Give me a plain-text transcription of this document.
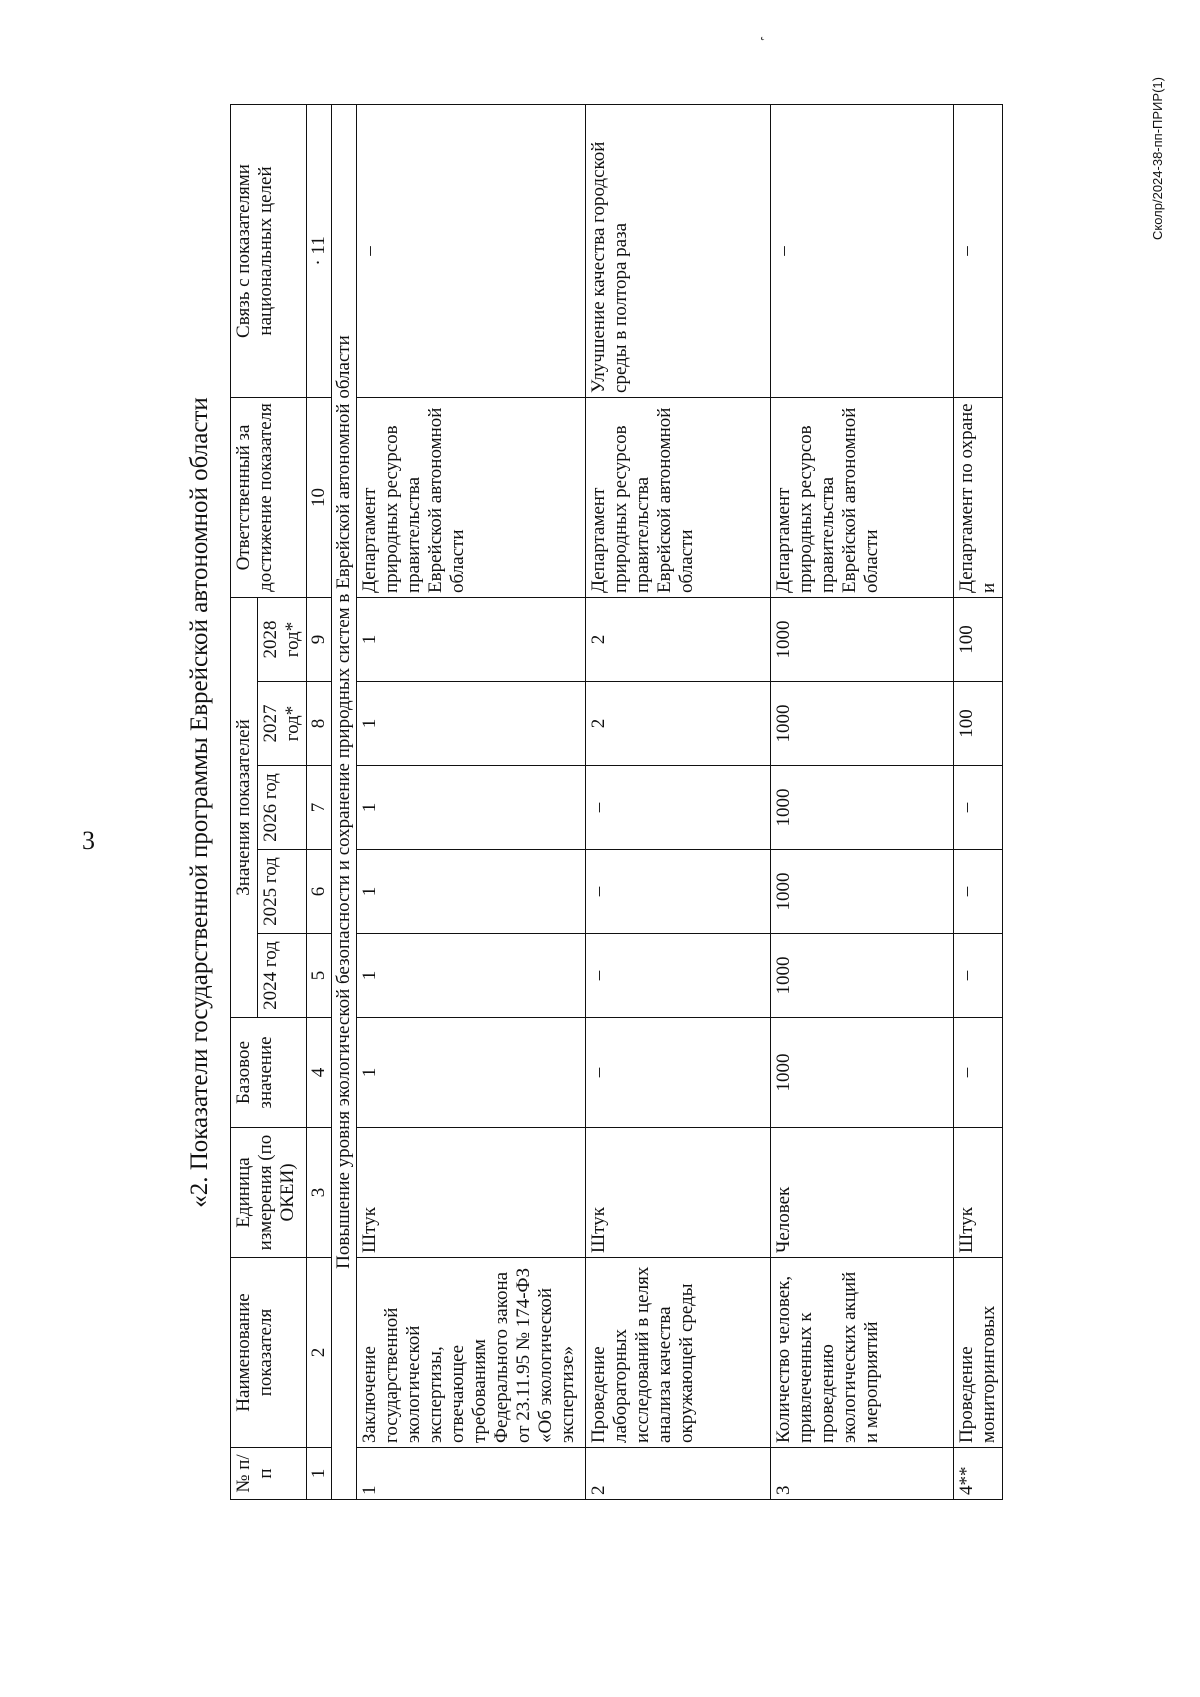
3
˛
Сколр/2024-38-пп-ПРИР(1)
«2. Показатели государственной программы Еврейской автономной области
№ п/п	Наименование показателя	Единица измерения (по ОКЕИ)	Базовое значение	Значения показателей					Ответственный за достижение показателя	Связь с показателями национальных целей
				2024 год	2025 год	2026 год	2027 год*	2028 год*		
1	2	3	4	5	6	7	8	9	10	· 11
Повышение уровня экологической безопасности и сохранение природных систем в Еврейской автономной области										
1	Заключение государственной экологической экспертизы, отвечающее требованиям Федерального закона от 23.11.95 № 174-ФЗ «Об экологической экспертизе»	Штук	1	1	1	1	1	1	Департамент природных ресурсов правительства Еврейской автономной области	–
2	Проведение лабораторных исследований в целях анализа качества окружающей среды	Штук	–	–	–	–	2	2	Департамент природных ресурсов правительства Еврейской автономной области	Улучшение качества городской среды в полтора раза
3	Количество человек, привлеченных к проведению экологических акций и мероприятий	Человек	1000	1000	1000	1000	1000	1000	Департамент природных ресурсов правительства Еврейской автономной области	–
4**	Проведение мониторинговых	Штук	–	–	–	–	100	100	Департамент по охране и	–
